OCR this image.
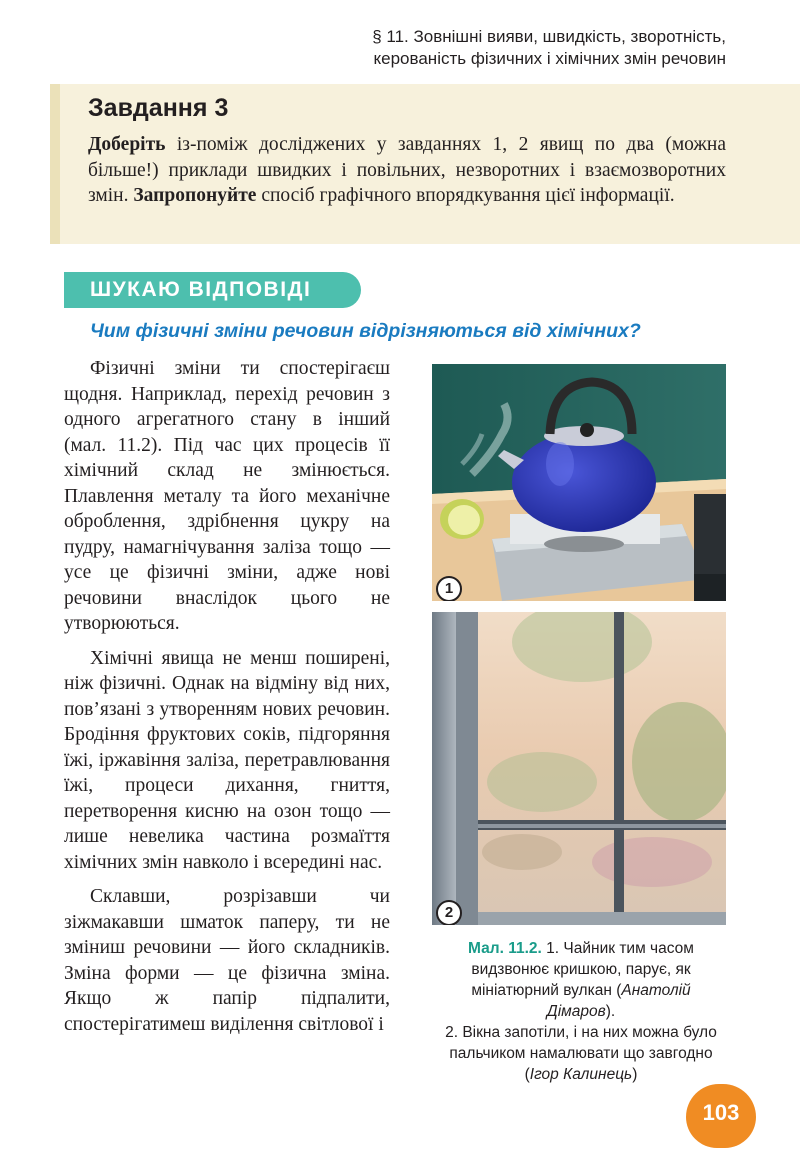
§ 11. Зовнішні вияви, швидкість, зворотність,
керованість фізичних і хімічних змін речовин
Завдання 3
Доберіть із-поміж досліджених у завданнях 1, 2 явищ по два (можна більше!) приклади швидких і повільних, незворотних і взаємозворотних змін. Запропонуйте спосіб графічного впорядкування цієї інформації.
ШУКАЮ ВІДПОВІДІ
Чим фізичні зміни речовин відрізняються від хімічних?

Фізичні зміни ти спостерігаєш щодня. Наприклад, перехід речовин з одного агрегатного стану в інший (мал. 11.2). Під час цих процесів її хімічний склад не змінюється. Плавлення металу та його механічне оброблення, здрібнення цукру на пудру, намагнічування заліза тощо — усе це фізичні зміни, адже нові речовини внаслідок цього не утворюються.

Хімічні явища не менш поширені, ніж фізичні. Однак на відміну від них, пов’язані з утворенням нових речовин. Бродіння фруктових соків, підгоряння їжі, іржавіння заліза, перетравлювання їжі, процеси дихання, гниття, перетворення кисню на озон тощо — лише невелика частина розмаїття хімічних змін навколо і всередині нас.

Склавши, розрізавши чи зіжмакавши шматок паперу, ти не зміниш речовини — його складників. Зміна форми — це фізична зміна. Якщо ж папір підпалити, спостерігатимеш виділення світлової і

1
2
Мал. 11.2. 1. Чайник тим часом видзвонює кришкою, парує, як мініатюрний вулкан (Анатолій Дімаров).
2. Вікна запотіли, і на них можна було пальчиком намалювати що завгодно (Ігор Калинець)
103
